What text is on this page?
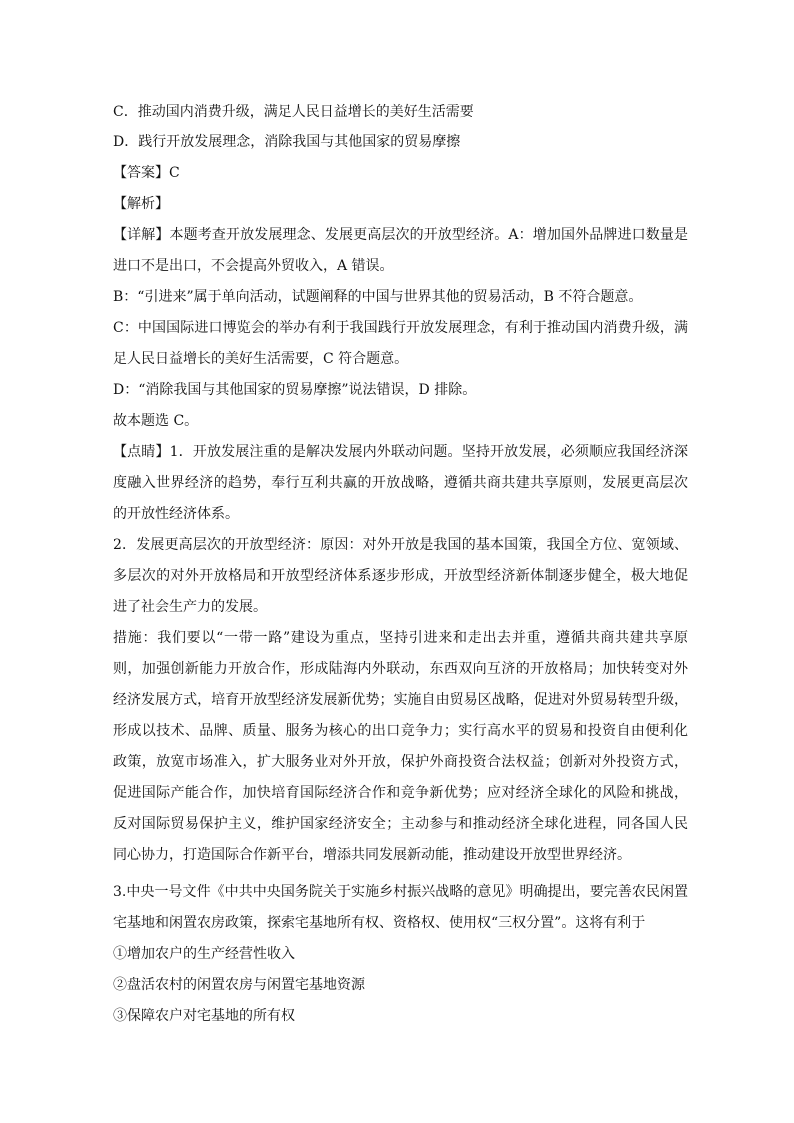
C．推动国内消费升级，满足人民日益增长的美好生活需要
D．践行开放发展理念，消除我国与其他国家的贸易摩擦
【答案】C
【解析】
【详解】本题考查开放发展理念、发展更高层次的开放型经济。A：增加国外品牌进口数量是
进口不是出口，不会提高外贸收入，A 错误。
B：“引进来”属于单向活动，试题阐释的中国与世界其他的贸易活动，B 不符合题意。
C：中国国际进口博览会的举办有利于我国践行开放发展理念，有利于推动国内消费升级，满
足人民日益增长的美好生活需要，C 符合题意。
D：“消除我国与其他国家的贸易摩擦”说法错误，D 排除。
故本题选 C。
【点睛】1．开放发展注重的是解决发展内外联动问题。坚持开放发展，必须顺应我国经济深
度融入世界经济的趋势，奉行互利共赢的开放战略，遵循共商共建共享原则，发展更高层次
的开放性经济体系。
2．发展更高层次的开放型经济：原因：对外开放是我国的基本国策，我国全方位、宽领域、
多层次的对外开放格局和开放型经济体系逐步形成，开放型经济新体制逐步健全，极大地促
进了社会生产力的发展。
措施：我们要以“一带一路”建设为重点，坚持引进来和走出去并重，遵循共商共建共享原
则，加强创新能力开放合作，形成陆海内外联动，东西双向互济的开放格局；加快转变对外
经济发展方式，培育开放型经济发展新优势；实施自由贸易区战略，促进对外贸易转型升级，
形成以技术、品牌、质量、服务为核心的出口竞争力；实行高水平的贸易和投资自由便利化
政策，放宽市场准入，扩大服务业对外开放，保护外商投资合法权益；创新对外投资方式，
促进国际产能合作，加快培育国际经济合作和竞争新优势；应对经济全球化的风险和挑战，
反对国际贸易保护主义，维护国家经济安全；主动参与和推动经济全球化进程，同各国人民
同心协力，打造国际合作新平台，增添共同发展新动能，推动建设开放型世界经济。
3.中央一号文件《中共中央国务院关于实施乡村振兴战略的意见》明确提出，要完善农民闲置
宅基地和闲置农房政策，探索宅基地所有权、资格权、使用权“三权分置”。这将有利于
①增加农户的生产经营性收入
②盘活农村的闲置农房与闲置宅基地资源
③保障农户对宅基地的所有权
